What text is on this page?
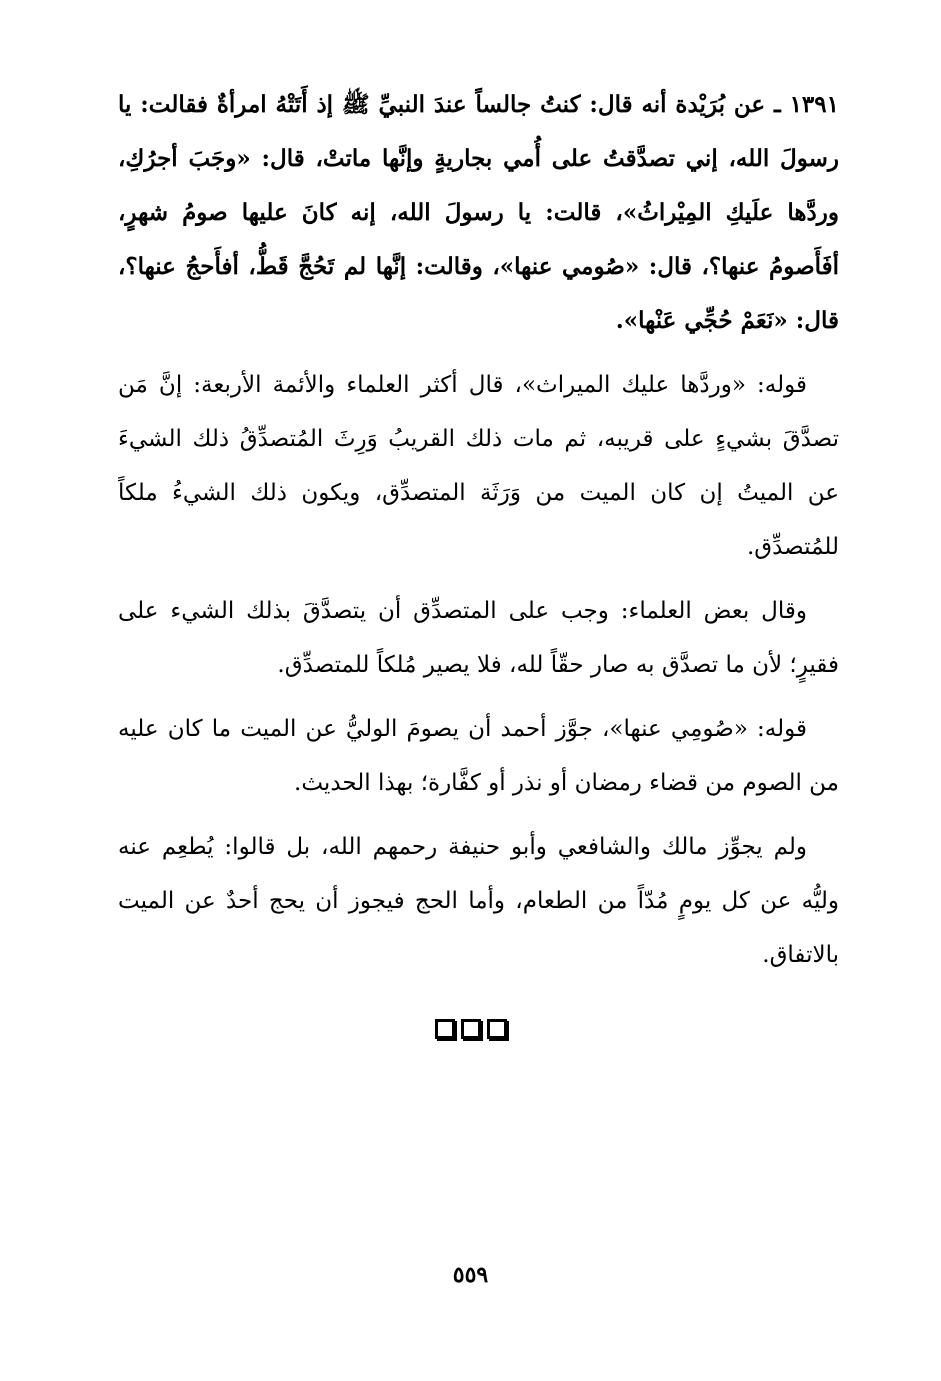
١٣٩١ ـ عن بُرَيْدة أنه قال: كنتُ جالساً عندَ النبيِّ ﷺ إذ أَتَتْهُ امرأةٌ فقالت: يا رسولَ الله، إني تصدَّقتُ على أُمي بجاريةٍ وإنَّها ماتتْ، قال: «وجَبَ أجرُكِ، وردَّها علَيكِ المِيْراثُ»، قالت: يا رسولَ الله، إنه كانَ عليها صومُ شهرٍ، أفَأَصومُ عنها؟، قال: «صُومي عنها»، وقالت: إنَّها لم تَحُجَّ قَطُّ، أفأَحجُ عنها؟، قال: «نَعَمْ حُجِّي عَنْها».

قوله: «وردَّها عليك الميراث»، قال أكثر العلماء والأئمة الأربعة: إنَّ مَن تصدَّقَ بشيءٍ على قريبه، ثم مات ذلك القريبُ وَرِثَ المُتصدِّقُ ذلك الشيءَ عن الميتُ إن كان الميت من وَرَثَة المتصدِّق، ويكون ذلك الشيءُ ملكاً للمُتصدِّق.

وقال بعض العلماء: وجب على المتصدِّق أن يتصدَّقَ بذلك الشيء على فقيرٍ؛ لأن ما تصدَّق به صار حقّاً لله، فلا يصير مُلكاً للمتصدِّق.

قوله: «صُومِي عنها»، جوَّز أحمد أن يصومَ الوليُّ عن الميت ما كان عليه من الصوم من قضاء رمضان أو نذر أو كفَّارة؛ بهذا الحديث.

ولم يجوِّز مالك والشافعي وأبو حنيفة رحمهم الله، بل قالوا: يُطعِم عنه وليُّه عن كل يومٍ مُدّاً من الطعام، وأما الحج فيجوز أن يحج أحدٌ عن الميت بالاتفاق.

٥٥٩
